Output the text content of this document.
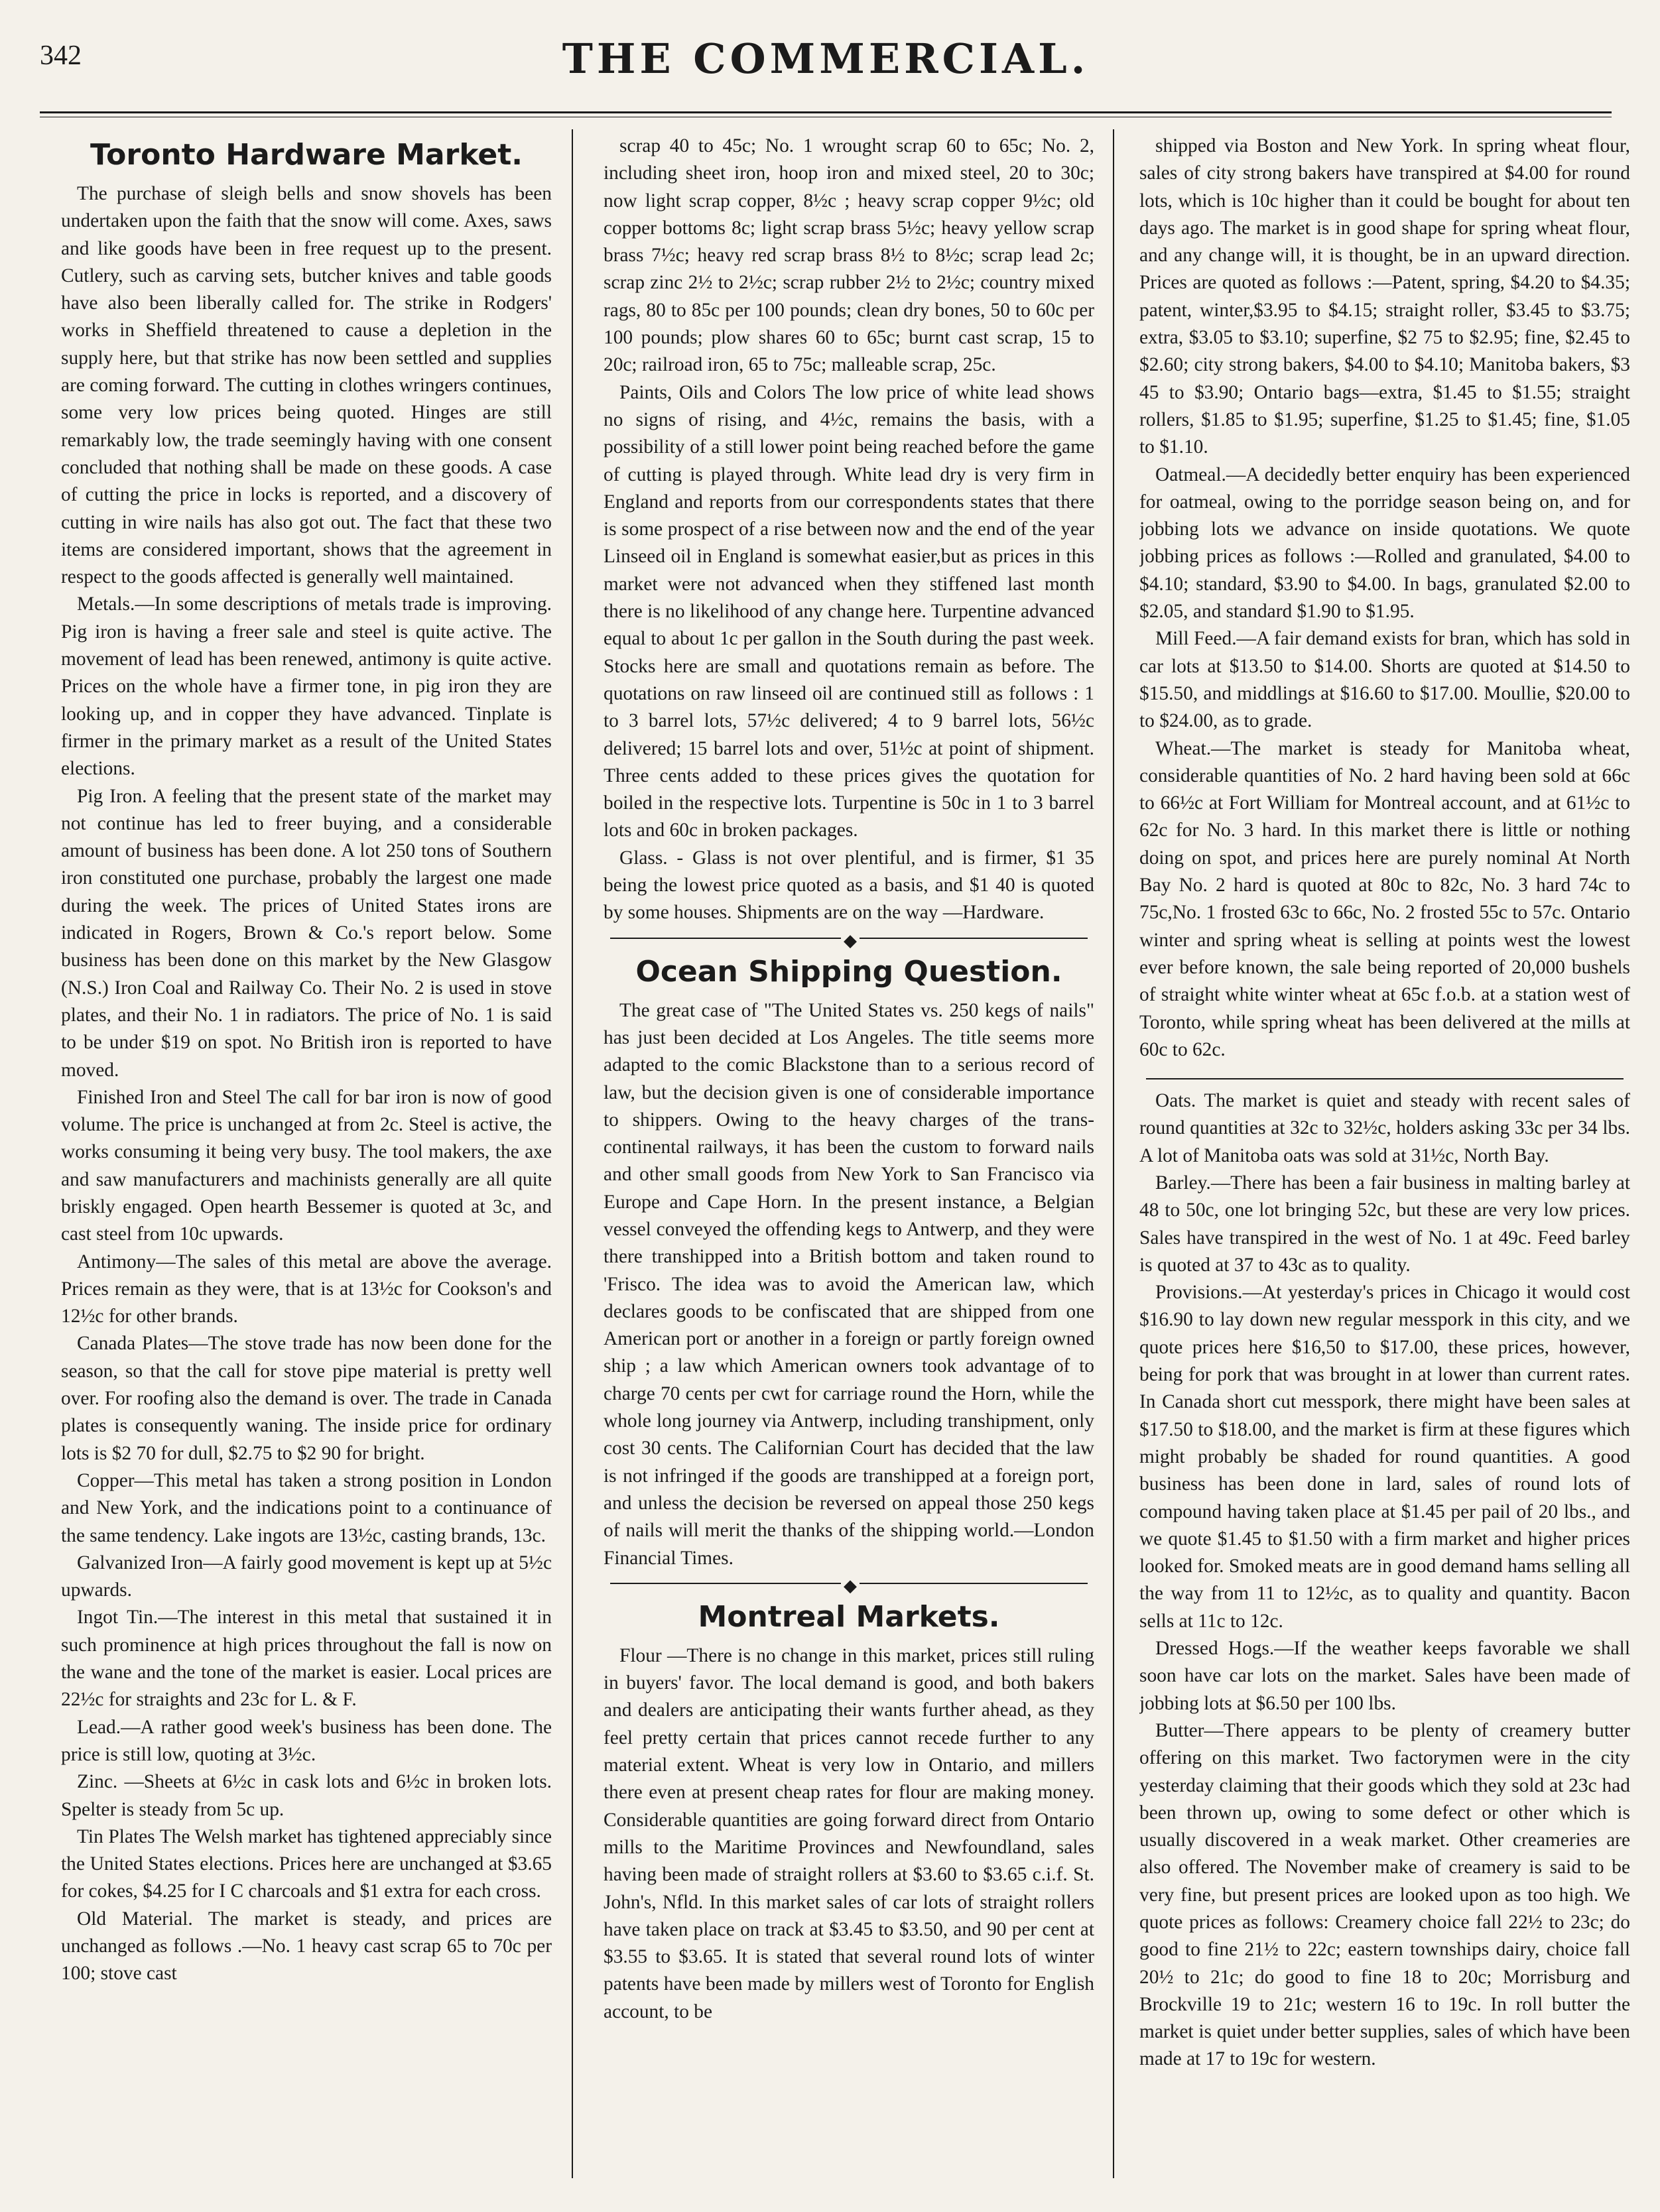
342	THE COMMERCIAL.
Toronto Hardware Market.

The purchase of sleigh bells and snow shovels has been undertaken upon the faith that the snow will come. Axes, saws and like goods have been in free request up to the present. Cutlery, such as carving sets, butcher knives and table goods have also been liberally called for. The strike in Rodgers' works in Sheffield threatened to cause a depletion in the supply here, but that strike has now been settled and supplies are coming forward. The cutting in clothes wringers continues, some very low prices being quoted. Hinges are still remarkably low, the trade seemingly having with one consent concluded that nothing shall be made on these goods. A case of cutting the price in locks is reported, and a discovery of cutting in wire nails has also got out. The fact that these two items are considered important, shows that the agreement in respect to the goods affected is generally well maintained.

Metals.—In some descriptions of metals trade is improving. Pig iron is having a freer sale and steel is quite active. The movement of lead has been renewed, antimony is quite active. Prices on the whole have a firmer tone, in pig iron they are looking up, and in copper they have advanced. Tinplate is firmer in the primary market as a result of the United States elections.

Pig Iron. A feeling that the present state of the market may not continue has led to freer buying, and a considerable amount of business has been done. A lot 250 tons of Southern iron constituted one purchase, probably the largest one made during the week. The prices of United States irons are indicated in Rogers, Brown & Co.'s report below. Some business has been done on this market by the New Glasgow (N.S.) Iron Coal and Railway Co. Their No. 2 is used in stove plates, and their No. 1 in radiators. The price of No. 1 is said to be under $19 on spot. No British iron is reported to have moved.

Finished Iron and Steel The call for bar iron is now of good volume. The price is unchanged at from 2c. Steel is active, the works consuming it being very busy. The tool makers, the axe and saw manufacturers and machinists generally are all quite briskly engaged. Open hearth Bessemer is quoted at 3c, and cast steel from 10c upwards.

Antimony—The sales of this metal are above the average. Prices remain as they were, that is at 13½c for Cookson's and 12½c for other brands.

Canada Plates—The stove trade has now been done for the season, so that the call for stove pipe material is pretty well over. For roofing also the demand is over. The trade in Canada plates is consequently waning. The inside price for ordinary lots is $2 70 for dull, $2.75 to $2 90 for bright.

Copper—This metal has taken a strong position in London and New York, and the indications point to a continuance of the same tendency. Lake ingots are 13½c, casting brands, 13c.

Galvanized Iron—A fairly good movement is kept up at 5½c upwards.

Ingot Tin.—The interest in this metal that sustained it in such prominence at high prices throughout the fall is now on the wane and the tone of the market is easier. Local prices are 22½c for straights and 23c for L. & F.

Lead.—A rather good week's business has been done. The price is still low, quoting at 3½c.

Zinc. —Sheets at 6½c in cask lots and 6½c in broken lots. Spelter is steady from 5c up.

Tin Plates The Welsh market has tightened appreciably since the United States elections. Prices here are unchanged at $3.65 for cokes, $4.25 for I C charcoals and $1 extra for each cross.

Old Material. The market is steady, and prices are unchanged as follows .—No. 1 heavy cast scrap 65 to 70c per 100; stove cast

scrap 40 to 45c; No. 1 wrought scrap 60 to 65c; No. 2, including sheet iron, hoop iron and mixed steel, 20 to 30c; now light scrap copper, 8½c ; heavy scrap copper 9½c; old copper bottoms 8c; light scrap brass 5½c; heavy yellow scrap brass 7½c; heavy red scrap brass 8½ to 8½c; scrap lead 2c; scrap zinc 2½ to 2½c; scrap rubber 2½ to 2½c; country mixed rags, 80 to 85c per 100 pounds; clean dry bones, 50 to 60c per 100 pounds; plow shares 60 to 65c; burnt cast scrap, 15 to 20c; railroad iron, 65 to 75c; malleable scrap, 25c.

Paints, Oils and Colors The low price of white lead shows no signs of rising, and 4½c, remains the basis, with a possibility of a still lower point being reached before the game of cutting is played through. White lead dry is very firm in England and reports from our correspondents states that there is some prospect of a rise between now and the end of the year Linseed oil in England is somewhat easier,but as prices in this market were not advanced when they stiffened last month there is no likelihood of any change here. Turpentine advanced equal to about 1c per gallon in the South during the past week. Stocks here are small and quotations remain as before. The quotations on raw linseed oil are continued still as follows : 1 to 3 barrel lots, 57½c delivered; 4 to 9 barrel lots, 56½c delivered; 15 barrel lots and over, 51½c at point of shipment. Three cents added to these prices gives the quotation for boiled in the respective lots. Turpentine is 50c in 1 to 3 barrel lots and 60c in broken packages.

Glass. - Glass is not over plentiful, and is firmer, $1 35 being the lowest price quoted as a basis, and $1 40 is quoted by some houses. Shipments are on the way —Hardware.

◆
Ocean Shipping Question.

The great case of "The United States vs. 250 kegs of nails" has just been decided at Los Angeles. The title seems more adapted to the comic Blackstone than to a serious record of law, but the decision given is one of considerable importance to shippers. Owing to the heavy charges of the trans-continental railways, it has been the custom to forward nails and other small goods from New York to San Francisco via Europe and Cape Horn. In the present instance, a Belgian vessel conveyed the offending kegs to Antwerp, and they were there transhipped into a British bottom and taken round to 'Frisco. The idea was to avoid the American law, which declares goods to be confiscated that are shipped from one American port or another in a foreign or partly foreign owned ship ; a law which American owners took advantage of to charge 70 cents per cwt for carriage round the Horn, while the whole long journey via Antwerp, including transhipment, only cost 30 cents. The Californian Court has decided that the law is not infringed if the goods are transhipped at a foreign port, and unless the decision be reversed on appeal those 250 kegs of nails will merit the thanks of the shipping world.—London Financial Times.

◆
Montreal Markets.

Flour —There is no change in this market, prices still ruling in buyers' favor. The local demand is good, and both bakers and dealers are anticipating their wants further ahead, as they feel pretty certain that prices cannot recede further to any material extent. Wheat is very low in Ontario, and millers there even at present cheap rates for flour are making money. Considerable quantities are going forward direct from Ontario mills to the Maritime Provinces and Newfoundland, sales having been made of straight rollers at $3.60 to $3.65 c.i.f. St. John's, Nfld. In this market sales of car lots of straight rollers have taken place on track at $3.45 to $3.50, and 90 per cent at $3.55 to $3.65. It is stated that several round lots of winter patents have been made by millers west of Toronto for English account, to be

shipped via Boston and New York. In spring wheat flour, sales of city strong bakers have transpired at $4.00 for round lots, which is 10c higher than it could be bought for about ten days ago. The market is in good shape for spring wheat flour, and any change will, it is thought, be in an upward direction. Prices are quoted as follows :—Patent, spring, $4.20 to $4.35; patent, winter,$3.95 to $4.15; straight roller, $3.45 to $3.75; extra, $3.05 to $3.10; superfine, $2 75 to $2.95; fine, $2.45 to $2.60; city strong bakers, $4.00 to $4.10; Manitoba bakers, $3 45 to $3.90; Ontario bags—extra, $1.45 to $1.55; straight rollers, $1.85 to $1.95; superfine, $1.25 to $1.45; fine, $1.05 to $1.10.

Oatmeal.—A decidedly better enquiry has been experienced for oatmeal, owing to the porridge season being on, and for jobbing lots we advance on inside quotations. We quote jobbing prices as follows :—Rolled and granulated, $4.00 to $4.10; standard, $3.90 to $4.00. In bags, granulated $2.00 to $2.05, and standard $1.90 to $1.95.

Mill Feed.—A fair demand exists for bran, which has sold in car lots at $13.50 to $14.00. Shorts are quoted at $14.50 to $15.50, and middlings at $16.60 to $17.00. Moullie, $20.00 to to $24.00, as to grade.

Wheat.—The market is steady for Manitoba wheat, considerable quantities of No. 2 hard having been sold at 66c to 66½c at Fort William for Montreal account, and at 61½c to 62c for No. 3 hard. In this market there is little or nothing doing on spot, and prices here are purely nominal At North Bay No. 2 hard is quoted at 80c to 82c, No. 3 hard 74c to 75c,No. 1 frosted 63c to 66c, No. 2 frosted 55c to 57c. Ontario winter and spring wheat is selling at points west the lowest ever before known, the sale being reported of 20,000 bushels of straight white winter wheat at 65c f.o.b. at a station west of Toronto, while spring wheat has been delivered at the mills at 60c to 62c.

Oats. The market is quiet and steady with recent sales of round quantities at 32c to 32½c, holders asking 33c per 34 lbs. A lot of Manitoba oats was sold at 31½c, North Bay.

Barley.—There has been a fair business in malting barley at 48 to 50c, one lot bringing 52c, but these are very low prices. Sales have transpired in the west of No. 1 at 49c. Feed barley is quoted at 37 to 43c as to quality.

Provisions.—At yesterday's prices in Chicago it would cost $16.90 to lay down new regular messpork in this city, and we quote prices here $16,50 to $17.00, these prices, however, being for pork that was brought in at lower than current rates. In Canada short cut messpork, there might have been sales at $17.50 to $18.00, and the market is firm at these figures which might probably be shaded for round quantities. A good business has been done in lard, sales of round lots of compound having taken place at $1.45 per pail of 20 lbs., and we quote $1.45 to $1.50 with a firm market and higher prices looked for. Smoked meats are in good demand hams selling all the way from 11 to 12½c, as to quality and quantity. Bacon sells at 11c to 12c.

Dressed Hogs.—If the weather keeps favorable we shall soon have car lots on the market. Sales have been made of jobbing lots at $6.50 per 100 lbs.

Butter—There appears to be plenty of creamery butter offering on this market. Two factorymen were in the city yesterday claiming that their goods which they sold at 23c had been thrown up, owing to some defect or other which is usually discovered in a weak market. Other creameries are also offered. The November make of creamery is said to be very fine, but present prices are looked upon as too high. We quote prices as follows: Creamery choice fall 22½ to 23c; do good to fine 21½ to 22c; eastern townships dairy, choice fall 20½ to 21c; do good to fine 18 to 20c; Morrisburg and Brockville 19 to 21c; western 16 to 19c. In roll butter the market is quiet under better supplies, sales of which have been made at 17 to 19c for western.
